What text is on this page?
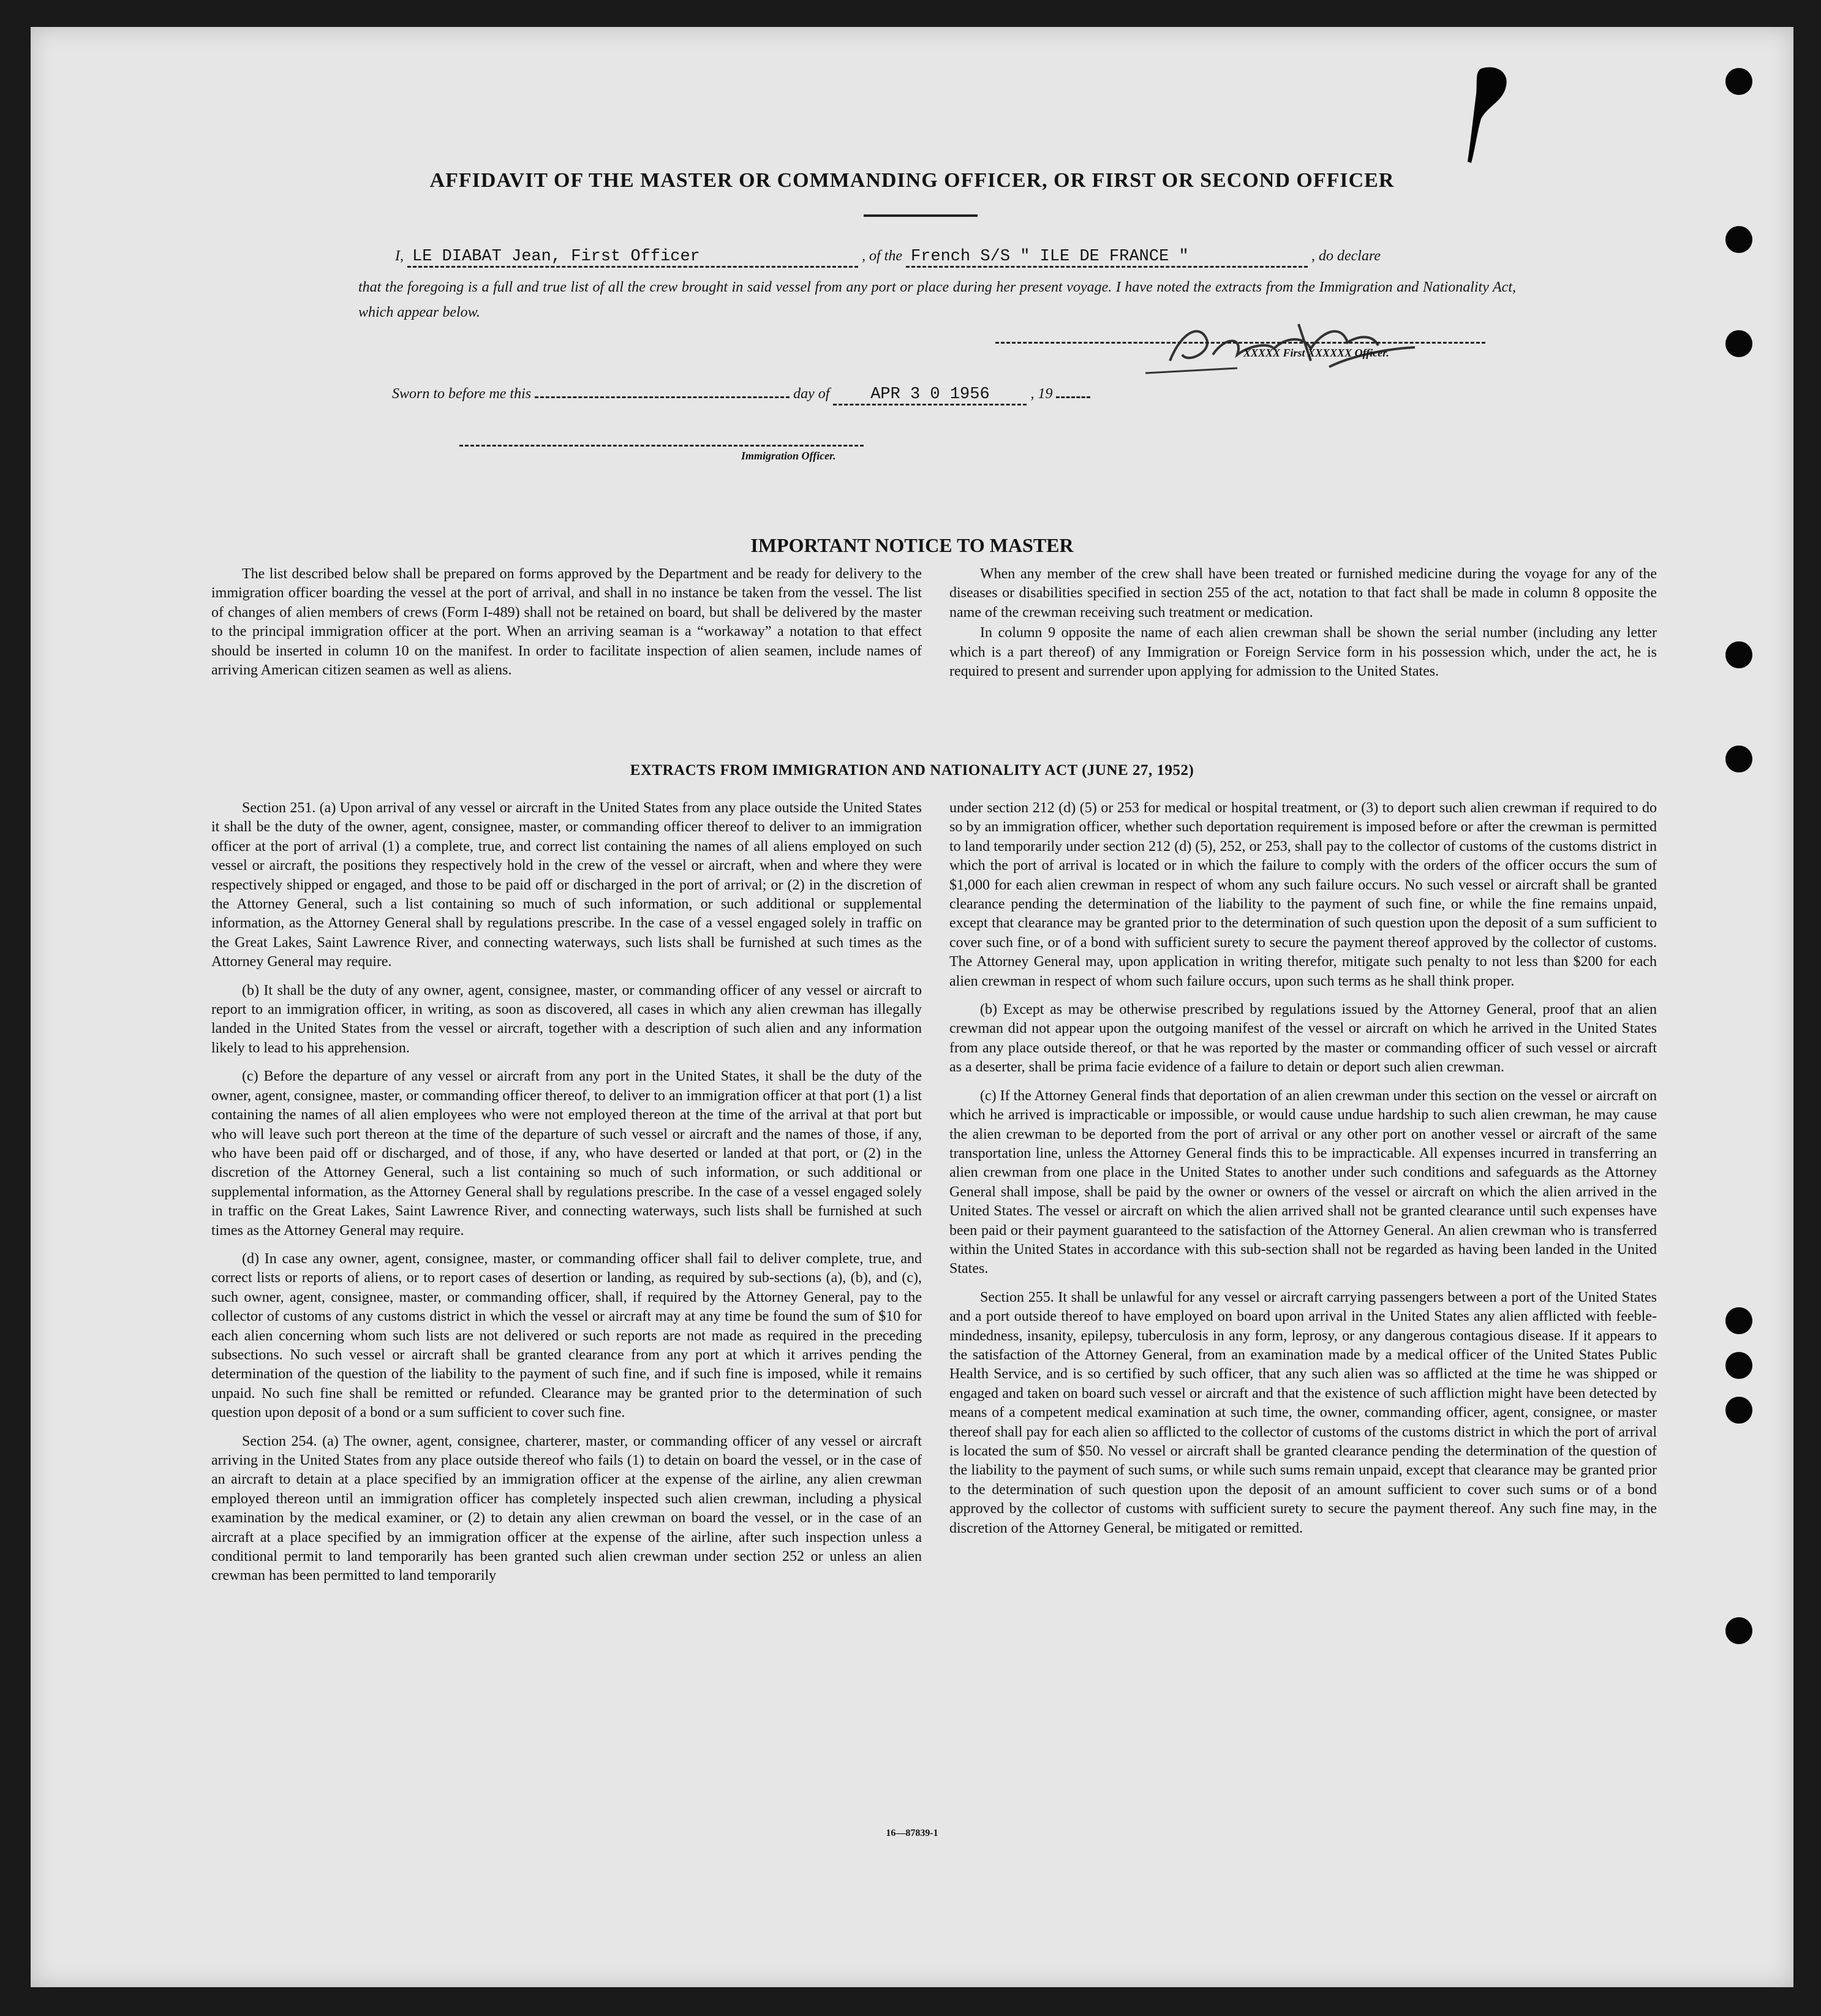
AFFIDAVIT OF THE MASTER OR COMMANDING OFFICER, OR FIRST OR SECOND OFFICER
I, LE DIABAT Jean, First Officer	, of the French S/S " ILE DE FRANCE "	, do declare
that the foregoing is a full and true list of all the crew brought in said vessel from any port or place during her present voyage. I have noted the extracts from the Immigration and Nationality Act, which appear below.
XXXXX First XXXXXX Officer.
Sworn to before me this	day of APR 3 0 1956	, 19
Immigration Officer.
IMPORTANT NOTICE TO MASTER

The list described below shall be prepared on forms approved by the Department and be ready for delivery to the immigration officer boarding the vessel at the port of arrival, and shall in no instance be taken from the vessel. The list of changes of alien members of crews (Form I-489) shall not be retained on board, but shall be delivered by the master to the principal immigration officer at the port. When an arriving seaman is a “workaway” a notation to that effect should be inserted in column 10 on the manifest. In order to facilitate inspection of alien seamen, include names of arriving American citizen seamen as well as aliens.

When any member of the crew shall have been treated or furnished medicine during the voyage for any of the diseases or disabilities specified in section 255 of the act, notation to that fact shall be made in column 8 opposite the name of the crewman receiving such treatment or medication.

In column 9 opposite the name of each alien crewman shall be shown the serial number (including any letter which is a part thereof) of any Immigration or Foreign Service form in his possession which, under the act, he is required to present and surrender upon applying for admission to the United States.

EXTRACTS FROM IMMIGRATION AND NATIONALITY ACT (JUNE 27, 1952)

Section 251. (a) Upon arrival of any vessel or aircraft in the United States from any place outside the United States it shall be the duty of the owner, agent, consignee, master, or commanding officer thereof to deliver to an immigration officer at the port of arrival (1) a complete, true, and correct list containing the names of all aliens employed on such vessel or aircraft, the positions they respectively hold in the crew of the vessel or aircraft, when and where they were respectively shipped or engaged, and those to be paid off or discharged in the port of arrival; or (2) in the discretion of the Attorney General, such a list containing so much of such information, or such additional or supplemental information, as the Attorney General shall by regulations prescribe. In the case of a vessel engaged solely in traffic on the Great Lakes, Saint Lawrence River, and connecting waterways, such lists shall be furnished at such times as the Attorney General may require.

(b) It shall be the duty of any owner, agent, consignee, master, or commanding officer of any vessel or aircraft to report to an immigration officer, in writing, as soon as discovered, all cases in which any alien crewman has illegally landed in the United States from the vessel or aircraft, together with a description of such alien and any information likely to lead to his apprehension.

(c) Before the departure of any vessel or aircraft from any port in the United States, it shall be the duty of the owner, agent, consignee, master, or commanding officer thereof, to deliver to an immigration officer at that port (1) a list containing the names of all alien employees who were not employed thereon at the time of the arrival at that port but who will leave such port thereon at the time of the departure of such vessel or aircraft and the names of those, if any, who have been paid off or discharged, and of those, if any, who have deserted or landed at that port, or (2) in the discretion of the Attorney General, such a list containing so much of such information, or such additional or supplemental information, as the Attorney General shall by regulations prescribe. In the case of a vessel engaged solely in traffic on the Great Lakes, Saint Lawrence River, and connecting waterways, such lists shall be furnished at such times as the Attorney General may require.

(d) In case any owner, agent, consignee, master, or commanding officer shall fail to deliver complete, true, and correct lists or reports of aliens, or to report cases of desertion or landing, as required by sub-sections (a), (b), and (c), such owner, agent, consignee, master, or commanding officer, shall, if required by the Attorney General, pay to the collector of customs of any customs district in which the vessel or aircraft may at any time be found the sum of $10 for each alien concerning whom such lists are not delivered or such reports are not made as required in the preceding subsections. No such vessel or aircraft shall be granted clearance from any port at which it arrives pending the determination of the question of the liability to the payment of such fine, and if such fine is imposed, while it remains unpaid. No such fine shall be remitted or refunded. Clearance may be granted prior to the determination of such question upon deposit of a bond or a sum sufficient to cover such fine.

Section 254. (a) The owner, agent, consignee, charterer, master, or commanding officer of any vessel or aircraft arriving in the United States from any place outside thereof who fails (1) to detain on board the vessel, or in the case of an aircraft to detain at a place specified by an immigration officer at the expense of the airline, any alien crewman employed thereon until an immigration officer has completely inspected such alien crewman, including a physical examination by the medical examiner, or (2) to detain any alien crewman on board the vessel, or in the case of an aircraft at a place specified by an immigration officer at the expense of the airline, after such inspection unless a conditional permit to land temporarily has been granted such alien crewman under section 252 or unless an alien crewman has been permitted to land temporarily

under section 212 (d) (5) or 253 for medical or hospital treatment, or (3) to deport such alien crewman if required to do so by an immigration officer, whether such deportation requirement is imposed before or after the crewman is permitted to land temporarily under section 212 (d) (5), 252, or 253, shall pay to the collector of customs of the customs district in which the port of arrival is located or in which the failure to comply with the orders of the officer occurs the sum of $1,000 for each alien crewman in respect of whom any such failure occurs. No such vessel or aircraft shall be granted clearance pending the determination of the liability to the payment of such fine, or while the fine remains unpaid, except that clearance may be granted prior to the determination of such question upon the deposit of a sum sufficient to cover such fine, or of a bond with sufficient surety to secure the payment thereof approved by the collector of customs. The Attorney General may, upon application in writing therefor, mitigate such penalty to not less than $200 for each alien crewman in respect of whom such failure occurs, upon such terms as he shall think proper.

(b) Except as may be otherwise prescribed by regulations issued by the Attorney General, proof that an alien crewman did not appear upon the outgoing manifest of the vessel or aircraft on which he arrived in the United States from any place outside thereof, or that he was reported by the master or commanding officer of such vessel or aircraft as a deserter, shall be prima facie evidence of a failure to detain or deport such alien crewman.

(c) If the Attorney General finds that deportation of an alien crewman under this section on the vessel or aircraft on which he arrived is impracticable or impossible, or would cause undue hardship to such alien crewman, he may cause the alien crewman to be deported from the port of arrival or any other port on another vessel or aircraft of the same transportation line, unless the Attorney General finds this to be impracticable. All expenses incurred in transferring an alien crewman from one place in the United States to another under such conditions and safeguards as the Attorney General shall impose, shall be paid by the owner or owners of the vessel or aircraft on which the alien arrived in the United States. The vessel or aircraft on which the alien arrived shall not be granted clearance until such expenses have been paid or their payment guaranteed to the satisfaction of the Attorney General. An alien crewman who is transferred within the United States in accordance with this sub-section shall not be regarded as having been landed in the United States.

Section 255. It shall be unlawful for any vessel or aircraft carrying passengers between a port of the United States and a port outside thereof to have employed on board upon arrival in the United States any alien afflicted with feeble-mindedness, insanity, epilepsy, tuberculosis in any form, leprosy, or any dangerous contagious disease. If it appears to the satisfaction of the Attorney General, from an examination made by a medical officer of the United States Public Health Service, and is so certified by such officer, that any such alien was so afflicted at the time he was shipped or engaged and taken on board such vessel or aircraft and that the existence of such affliction might have been detected by means of a competent medical examination at such time, the owner, commanding officer, agent, consignee, or master thereof shall pay for each alien so afflicted to the collector of customs of the customs district in which the port of arrival is located the sum of $50. No vessel or aircraft shall be granted clearance pending the determination of the question of the liability to the payment of such sums, or while such sums remain unpaid, except that clearance may be granted prior to the determination of such question upon the deposit of an amount sufficient to cover such sums or of a bond approved by the collector of customs with sufficient surety to secure the payment thereof. Any such fine may, in the discretion of the Attorney General, be mitigated or remitted.

16—87839-1
